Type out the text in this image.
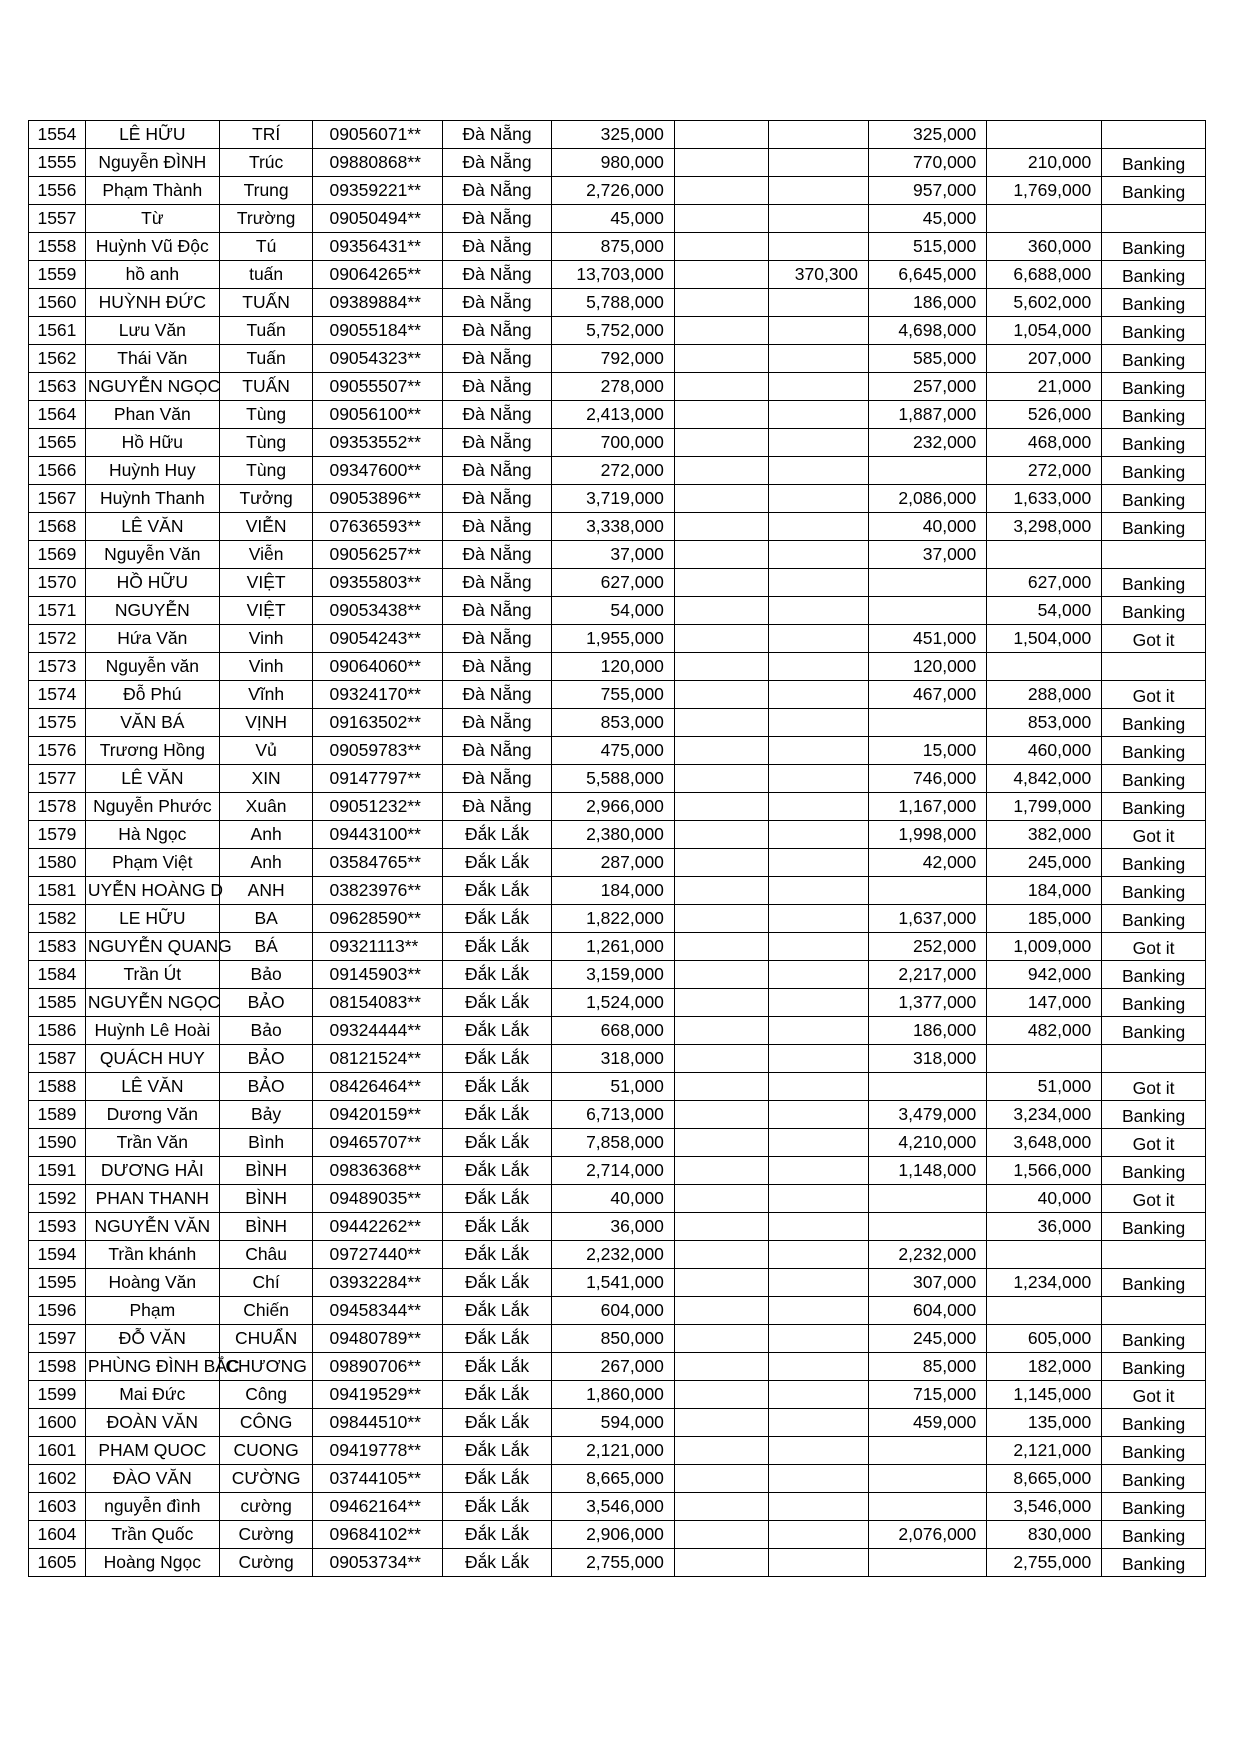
1554	LÊ HỮU	TRÍ	09056071**	Đà Nẵng	325,000			325,000		
1555	Nguyễn ĐÌNH	Trúc	09880868**	Đà Nẵng	980,000			770,000	210,000	Banking
1556	Phạm Thành	Trung	09359221**	Đà Nẵng	2,726,000			957,000	1,769,000	Banking
1557	Từ	Trường	09050494**	Đà Nẵng	45,000			45,000		
1558	Huỳnh Vũ Độc	Tú	09356431**	Đà Nẵng	875,000			515,000	360,000	Banking
1559	hồ anh	tuấn	09064265**	Đà Nẵng	13,703,000		370,300	6,645,000	6,688,000	Banking
1560	HUỲNH ĐỨC	TUẤN	09389884**	Đà Nẵng	5,788,000			186,000	5,602,000	Banking
1561	Lưu Văn	Tuấn	09055184**	Đà Nẵng	5,752,000			4,698,000	1,054,000	Banking
1562	Thái Văn	Tuấn	09054323**	Đà Nẵng	792,000			585,000	207,000	Banking
1563	NGUYỄN NGỌC	TUẤN	09055507**	Đà Nẵng	278,000			257,000	21,000	Banking
1564	Phan Văn	Tùng	09056100**	Đà Nẵng	2,413,000			1,887,000	526,000	Banking
1565	Hồ Hữu	Tùng	09353552**	Đà Nẵng	700,000			232,000	468,000	Banking
1566	Huỳnh Huy	Tùng	09347600**	Đà Nẵng	272,000				272,000	Banking
1567	Huỳnh Thanh	Tưởng	09053896**	Đà Nẵng	3,719,000			2,086,000	1,633,000	Banking
1568	LÊ VĂN	VIỄN	07636593**	Đà Nẵng	3,338,000			40,000	3,298,000	Banking
1569	Nguyễn Văn	Viễn	09056257**	Đà Nẵng	37,000			37,000		
1570	HỒ HỮU	VIỆT	09355803**	Đà Nẵng	627,000				627,000	Banking
1571	NGUYỄN	VIỆT	09053438**	Đà Nẵng	54,000				54,000	Banking
1572	Hứa Văn	Vinh	09054243**	Đà Nẵng	1,955,000			451,000	1,504,000	Got it
1573	Nguyễn văn	Vinh	09064060**	Đà Nẵng	120,000			120,000		
1574	Đỗ Phú	Vĩnh	09324170**	Đà Nẵng	755,000			467,000	288,000	Got it
1575	VĂN BÁ	VỊNH	09163502**	Đà Nẵng	853,000				853,000	Banking
1576	Trương Hồng	Vủ	09059783**	Đà Nẵng	475,000			15,000	460,000	Banking
1577	LÊ VĂN	XIN	09147797**	Đà Nẵng	5,588,000			746,000	4,842,000	Banking
1578	Nguyễn Phước	Xuân	09051232**	Đà Nẵng	2,966,000			1,167,000	1,799,000	Banking
1579	Hà Ngọc	Anh	09443100**	Đắk Lắk	2,380,000			1,998,000	382,000	Got it
1580	Phạm Việt	Anh	03584765**	Đắk Lắk	287,000			42,000	245,000	Banking
1581	UYỄN HOÀNG D	ANH	03823976**	Đắk Lắk	184,000				184,000	Banking
1582	LE HỮU	BA	09628590**	Đắk Lắk	1,822,000			1,637,000	185,000	Banking
1583	NGUYỄN QUANG	BÁ	09321113**	Đắk Lắk	1,261,000			252,000	1,009,000	Got it
1584	Trần Út	Bảo	09145903**	Đắk Lắk	3,159,000			2,217,000	942,000	Banking
1585	NGUYỄN NGỌC	BẢO	08154083**	Đắk Lắk	1,524,000			1,377,000	147,000	Banking
1586	Huỳnh Lê Hoài	Bảo	09324444**	Đắk Lắk	668,000			186,000	482,000	Banking
1587	QUÁCH HUY	BẢO	08121524**	Đắk Lắk	318,000			318,000		
1588	LÊ VĂN	BẢO	08426464**	Đắk Lắk	51,000				51,000	Got it
1589	Dương Văn	Bảy	09420159**	Đắk Lắk	6,713,000			3,479,000	3,234,000	Banking
1590	Trần Văn	Bình	09465707**	Đắk Lắk	7,858,000			4,210,000	3,648,000	Got it
1591	DƯƠNG HẢI	BÌNH	09836368**	Đắk Lắk	2,714,000			1,148,000	1,566,000	Banking
1592	PHAN THANH	BÌNH	09489035**	Đắk Lắk	40,000				40,000	Got it
1593	NGUYỄN VĂN	BÌNH	09442262**	Đắk Lắk	36,000				36,000	Banking
1594	Trần khánh	Châu	09727440**	Đắk Lắk	2,232,000			2,232,000		
1595	Hoàng Văn	Chí	03932284**	Đắk Lắk	1,541,000			307,000	1,234,000	Banking
1596	Phạm	Chiến	09458344**	Đắk Lắk	604,000			604,000		
1597	ĐỖ VĂN	CHUẨN	09480789**	Đắk Lắk	850,000			245,000	605,000	Banking
1598	PHÙNG ĐÌNH BẮC	CHƯƠNG	09890706**	Đắk Lắk	267,000			85,000	182,000	Banking
1599	Mai Đức	Công	09419529**	Đắk Lắk	1,860,000			715,000	1,145,000	Got it
1600	ĐOÀN VĂN	CÔNG	09844510**	Đắk Lắk	594,000			459,000	135,000	Banking
1601	PHAM QUOC	CUONG	09419778**	Đắk Lắk	2,121,000				2,121,000	Banking
1602	ĐÀO VĂN	CƯỜNG	03744105**	Đắk Lắk	8,665,000				8,665,000	Banking
1603	nguyễn đình	cường	09462164**	Đắk Lắk	3,546,000				3,546,000	Banking
1604	Trần Quốc	Cường	09684102**	Đắk Lắk	2,906,000			2,076,000	830,000	Banking
1605	Hoàng Ngọc	Cường	09053734**	Đắk Lắk	2,755,000				2,755,000	Banking
